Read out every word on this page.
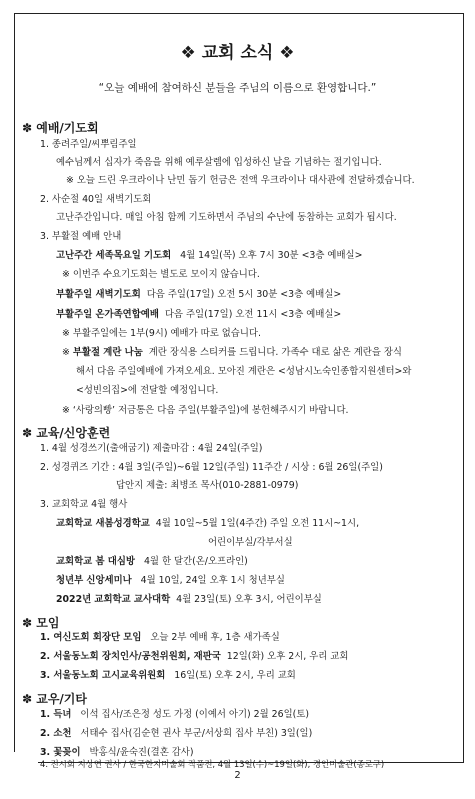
❖ 교회 소식 ❖
“오늘 예배에 참여하신 분들을 주님의 이름으로 환영합니다.”
✽ 예배/기도회
1. 종려주일/씨뿌림주일
예수님께서 십자가 죽음을 위해 예루살렘에 입성하신 날을 기념하는 절기입니다.
※ 오늘 드린 우크라이나 난민 돕기 헌금은 전액 우크라이나 대사관에 전달하겠습니다.
2. 사순절 40일 새벽기도회
고난주간입니다. 매일 아침 함께 기도하면서 주님의 수난에 동참하는 교회가 됩시다.
3. 부활절 예배 안내
고난주간 세족목요일 기도회 4월 14일(목) 오후 7시 30분 <3층 예배실>
※ 이번주 수요기도회는 별도로 모이지 않습니다.
부활주일 새벽기도회 다음 주일(17일) 오전 5시 30분 <3층 예배실>
부활주일 온가족연합예배 다음 주일(17일) 오전 11시 <3층 예배실>
※ 부활주일에는 1부(9시) 예배가 따로 없습니다.
※ 부활절 계란 나눔 계란 장식용 스티커를 드립니다. 가족수 대로 삶은 계란을 장식
해서 다음 주일예배에 가져오세요. 모아진 계란은 <성남시노숙인종합지원센터>와
<성빈의집>에 전달할 예정입니다.
※ ‘사랑의빵’ 저금통은 다음 주일(부활주일)에 봉헌해주시기 바랍니다.
✽ 교육/신앙훈련
1. 4월 성경쓰기(출애굽기) 제출마감 : 4월 24일(주일)
2. 성경퀴즈 기간 : 4월 3일(주일)~6월 12일(주일) 11주간 / 시상 : 6월 26일(주일)
답안지 제출: 최병조 목사(010-2881-0979)
3. 교회학교 4월 행사
교회학교 새봄성경학교 4월 10일~5월 1일(4주간) 주일 오전 11시~1시,
어린이부실/각부서실
교회학교 봄 대심방 4월 한 달간(온/오프라인)
청년부 신앙세미나 4월 10일, 24일 오후 1시 청년부실
2022년 교회학교 교사대학 4월 23일(토) 오후 3시, 어린이부실
✽ 모임
1. 여신도회 회장단 모임 오늘 2부 예배 후, 1층 새가족실
2. 서울동노회 장치인사/공천위원회, 재판국 12일(화) 오후 2시, 우리 교회
3. 서울동노회 고시교육위원회 16일(토) 오후 2시, 우리 교회
✽ 교우/기타
1. 득녀 이석 집사/조은정 성도 가정 (이예서 아기) 2월 26일(토)
2. 소천 서태수 집사(김순현 권사 부군/서상희 집사 부친) 3일(일)
3. 꽃꽂이 박홍식/윤숙진(결혼 감사)
4. 전시회 지상연 권사 / 한국한지미술회 작품전, 4월 13일(수)~19일(화), 경인미술관(종로구)
2
